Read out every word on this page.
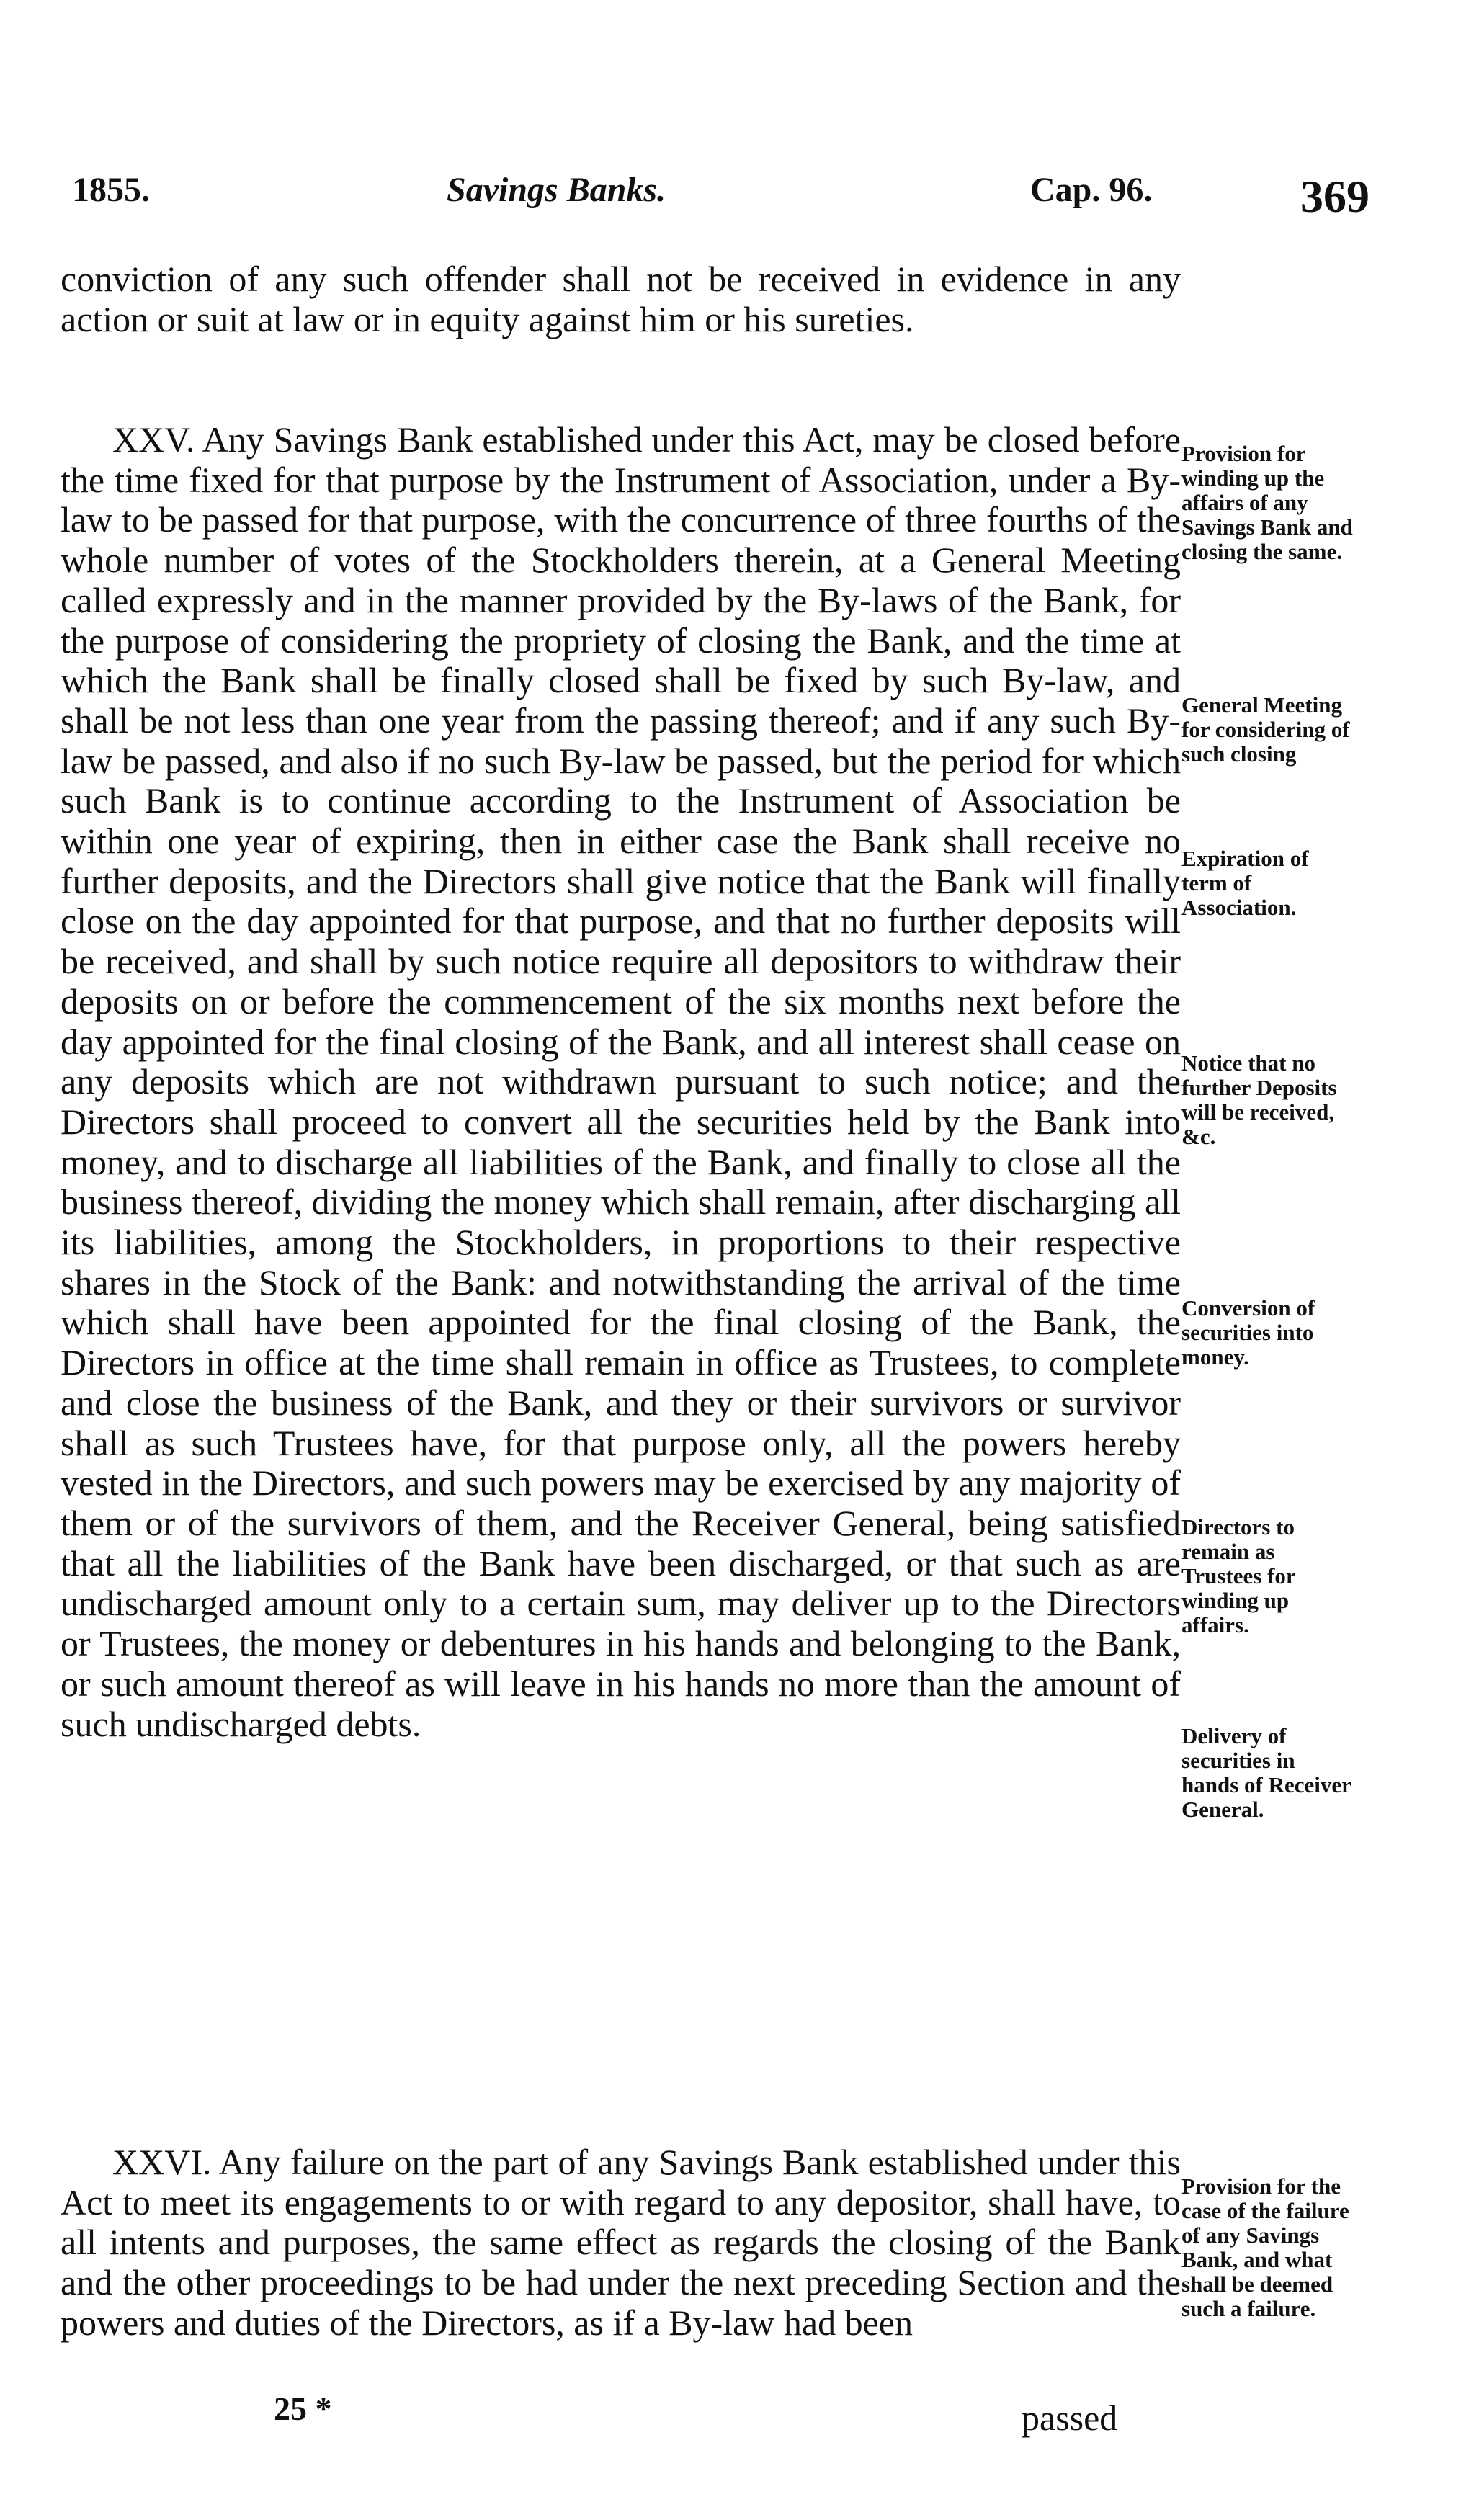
1855.	Savings Banks.	Cap. 96.	369

conviction of any such offender shall not be received in evidence in any action or suit at law or in equity against him or his sureties.

XXV. Any Savings Bank established under this Act, may be closed before the time fixed for that purpose by the Instrument of Association, under a By-law to be passed for that purpose, with the concurrence of three fourths of the whole number of votes of the Stockholders therein, at a General Meeting called expressly and in the manner provided by the By-laws of the Bank, for the purpose of considering the propriety of closing the Bank, and the time at which the Bank shall be finally closed shall be fixed by such By-law, and shall be not less than one year from the passing thereof; and if any such By-law be passed, and also if no such By-law be passed, but the period for which such Bank is to continue according to the Instrument of Association be within one year of expiring, then in either case the Bank shall receive no further deposits, and the Directors shall give notice that the Bank will finally close on the day appointed for that purpose, and that no further deposits will be received, and shall by such notice require all depositors to withdraw their deposits on or before the commencement of the six months next before the day appointed for the final closing of the Bank, and all interest shall cease on any deposits which are not withdrawn pursuant to such notice; and the Directors shall proceed to convert all the securities held by the Bank into money, and to discharge all liabilities of the Bank, and finally to close all the business thereof, dividing the money which shall remain, after discharging all its liabilities, among the Stockholders, in proportions to their respective shares in the Stock of the Bank: and notwithstanding the arrival of the time which shall have been appointed for the final closing of the Bank, the Directors in office at the time shall remain in office as Trustees, to complete and close the business of the Bank, and they or their survivors or survivor shall as such Trustees have, for that purpose only, all the powers hereby vested in the Directors, and such powers may be exercised by any majority of them or of the survivors of them, and the Receiver General, being satisfied that all the liabilities of the Bank have been discharged, or that such as are undischarged amount only to a certain sum, may deliver up to the Directors or Trustees, the money or debentures in his hands and belonging to the Bank, or such amount thereof as will leave in his hands no more than the amount of such undischarged debts.

XXVI. Any failure on the part of any Savings Bank established under this Act to meet its engagements to or with regard to any depositor, shall have, to all intents and purposes, the same effect as regards the closing of the Bank and the other proceedings to be had under the next preceding Section and the powers and duties of the Directors, as if a By-law had been

Provision for winding up the affairs of any Savings Bank and closing the same.
General Meeting for considering of such closing
Expiration of term of Association.
Notice that no further Deposits will be received, &c.
Conversion of securities into money.
Directors to remain as Trustees for winding up affairs.
Delivery of securities in hands of Receiver General.
Provision for the case of the failure of any Savings Bank, and what shall be deemed such a failure.
25 *	passed
